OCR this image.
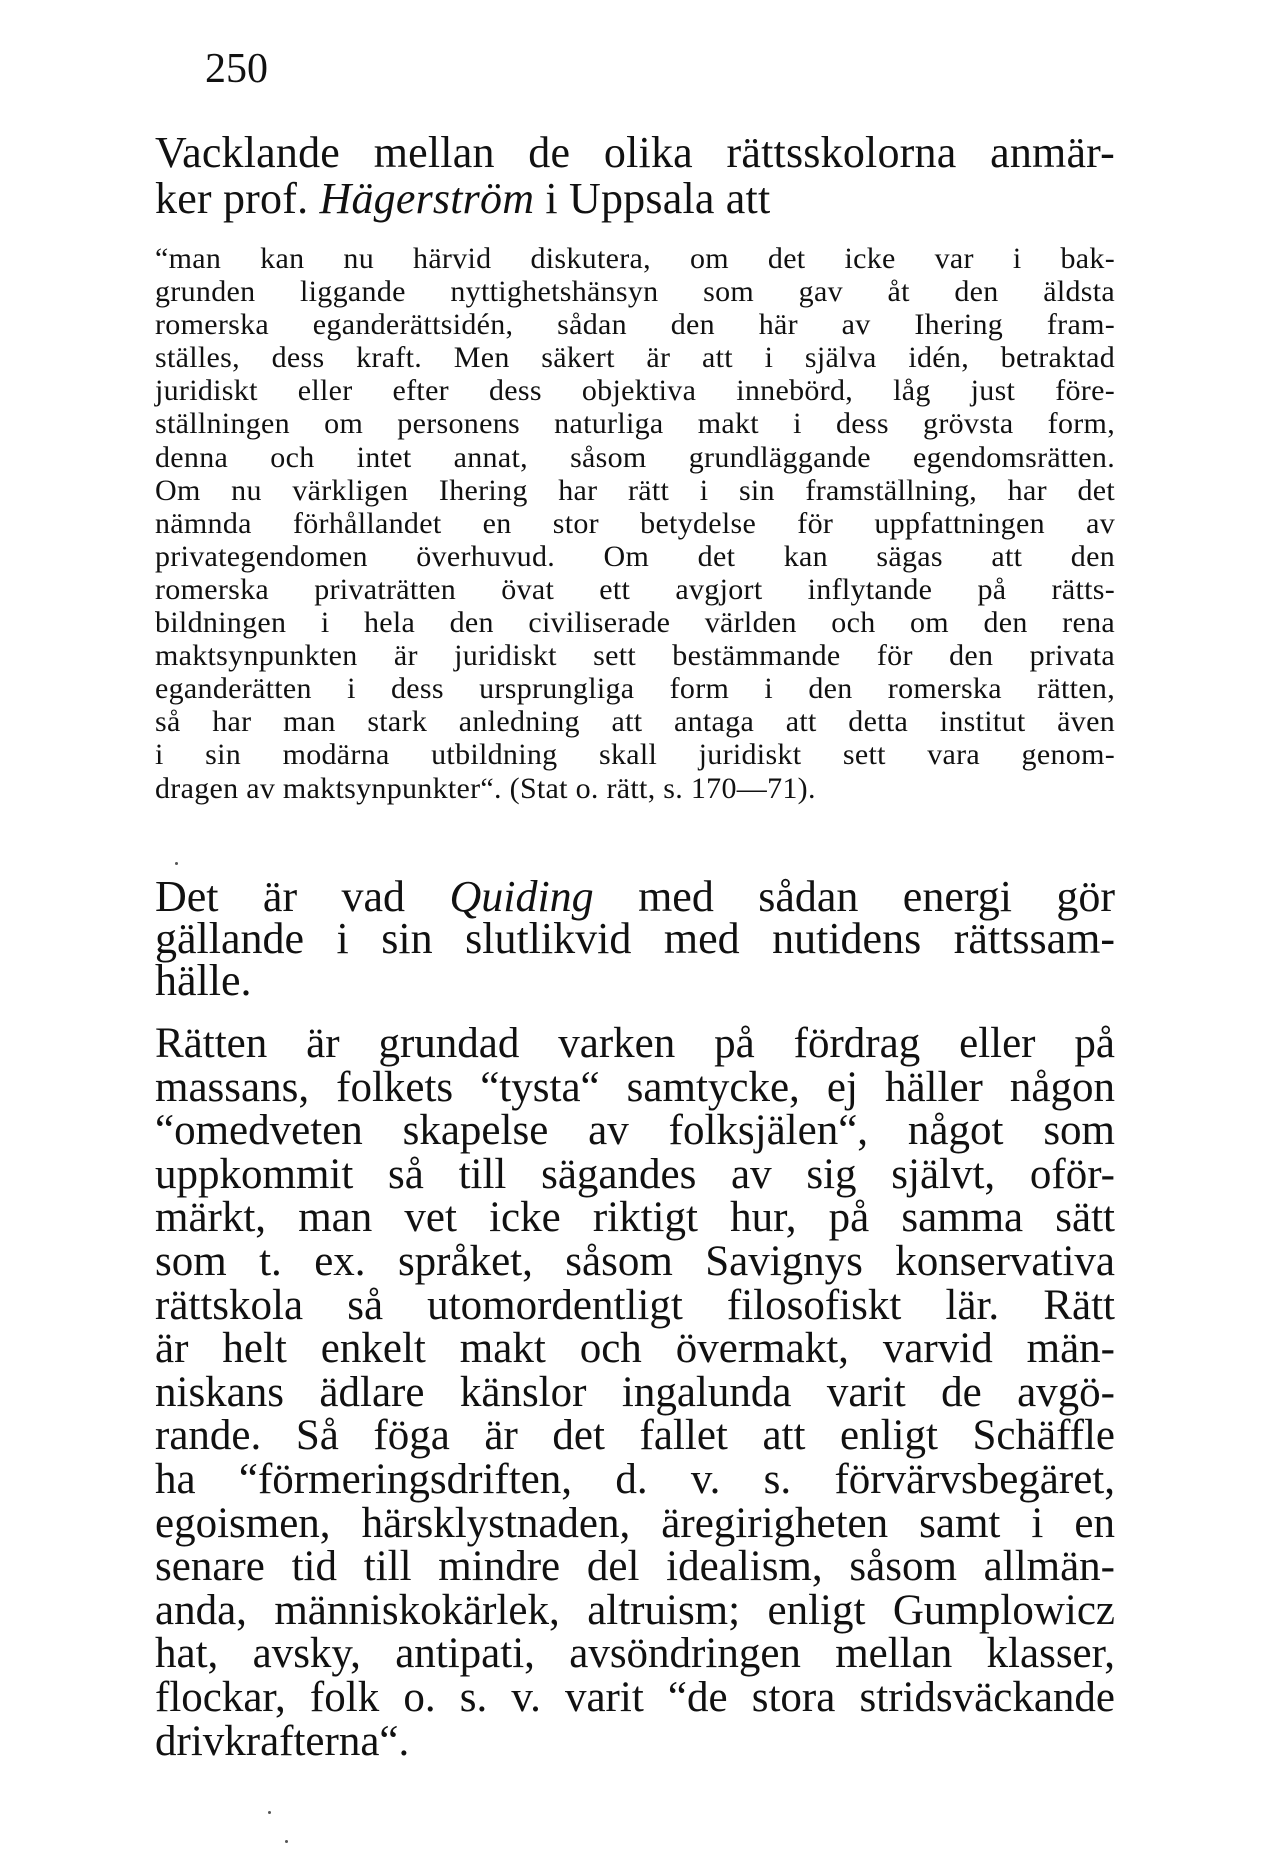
250

Vacklande mellan de olika rättsskolorna anmär-
ker prof. Hägerström i Uppsala att

“man kan nu härvid diskutera, om det icke var i bak-
grunden liggande nyttighetshänsyn som gav åt den äldsta
romerska eganderättsidén, sådan den här av Ihering fram-
ställes, dess kraft. Men säkert är att i själva idén, betraktad
juridiskt eller efter dess objektiva innebörd, låg just före-
ställningen om personens naturliga makt i dess grövsta form,
denna och intet annat, såsom grundläggande egendomsrätten.
Om nu värkligen Ihering har rätt i sin framställning, har det
nämnda förhållandet en stor betydelse för uppfattningen av
privategendomen överhuvud. Om det kan sägas att den
romerska privaträtten övat ett avgjort inflytande på rätts-
bildningen i hela den civiliserade världen och om den rena
maktsynpunkten är juridiskt sett bestämmande för den privata
eganderätten i dess ursprungliga form i den romerska rätten,
så har man stark anledning att antaga att detta institut även
i sin modärna utbildning skall juridiskt sett vara genom-
dragen av maktsynpunkter“. (Stat o. rätt, s. 170—71).

Det är vad Quiding med sådan energi gör
gällande i sin slutlikvid med nutidens rättssam-
hälle.

Rätten är grundad varken på fördrag eller på
massans, folkets “tysta“ samtycke, ej häller någon
“omedveten skapelse av folksjälen“, något som
uppkommit så till sägandes av sig självt, oför-
märkt, man vet icke riktigt hur, på samma sätt
som t. ex. språket, såsom Savignys konservativa
rättskola så utomordentligt filosofiskt lär. Rätt
är helt enkelt makt och övermakt, varvid män-
niskans ädlare känslor ingalunda varit de avgö-
rande. Så föga är det fallet att enligt Schäffle
ha “förmeringsdriften, d. v. s. förvärvsbegäret,
egoismen, härsklystnaden, äregirigheten samt i en
senare tid till mindre del idealism, såsom allmän-
anda, människokärlek, altruism; enligt Gumplowicz
hat, avsky, antipati, avsöndringen mellan klasser,
flockar, folk o. s. v. varit “de stora stridsväckande
drivkrafterna“.
